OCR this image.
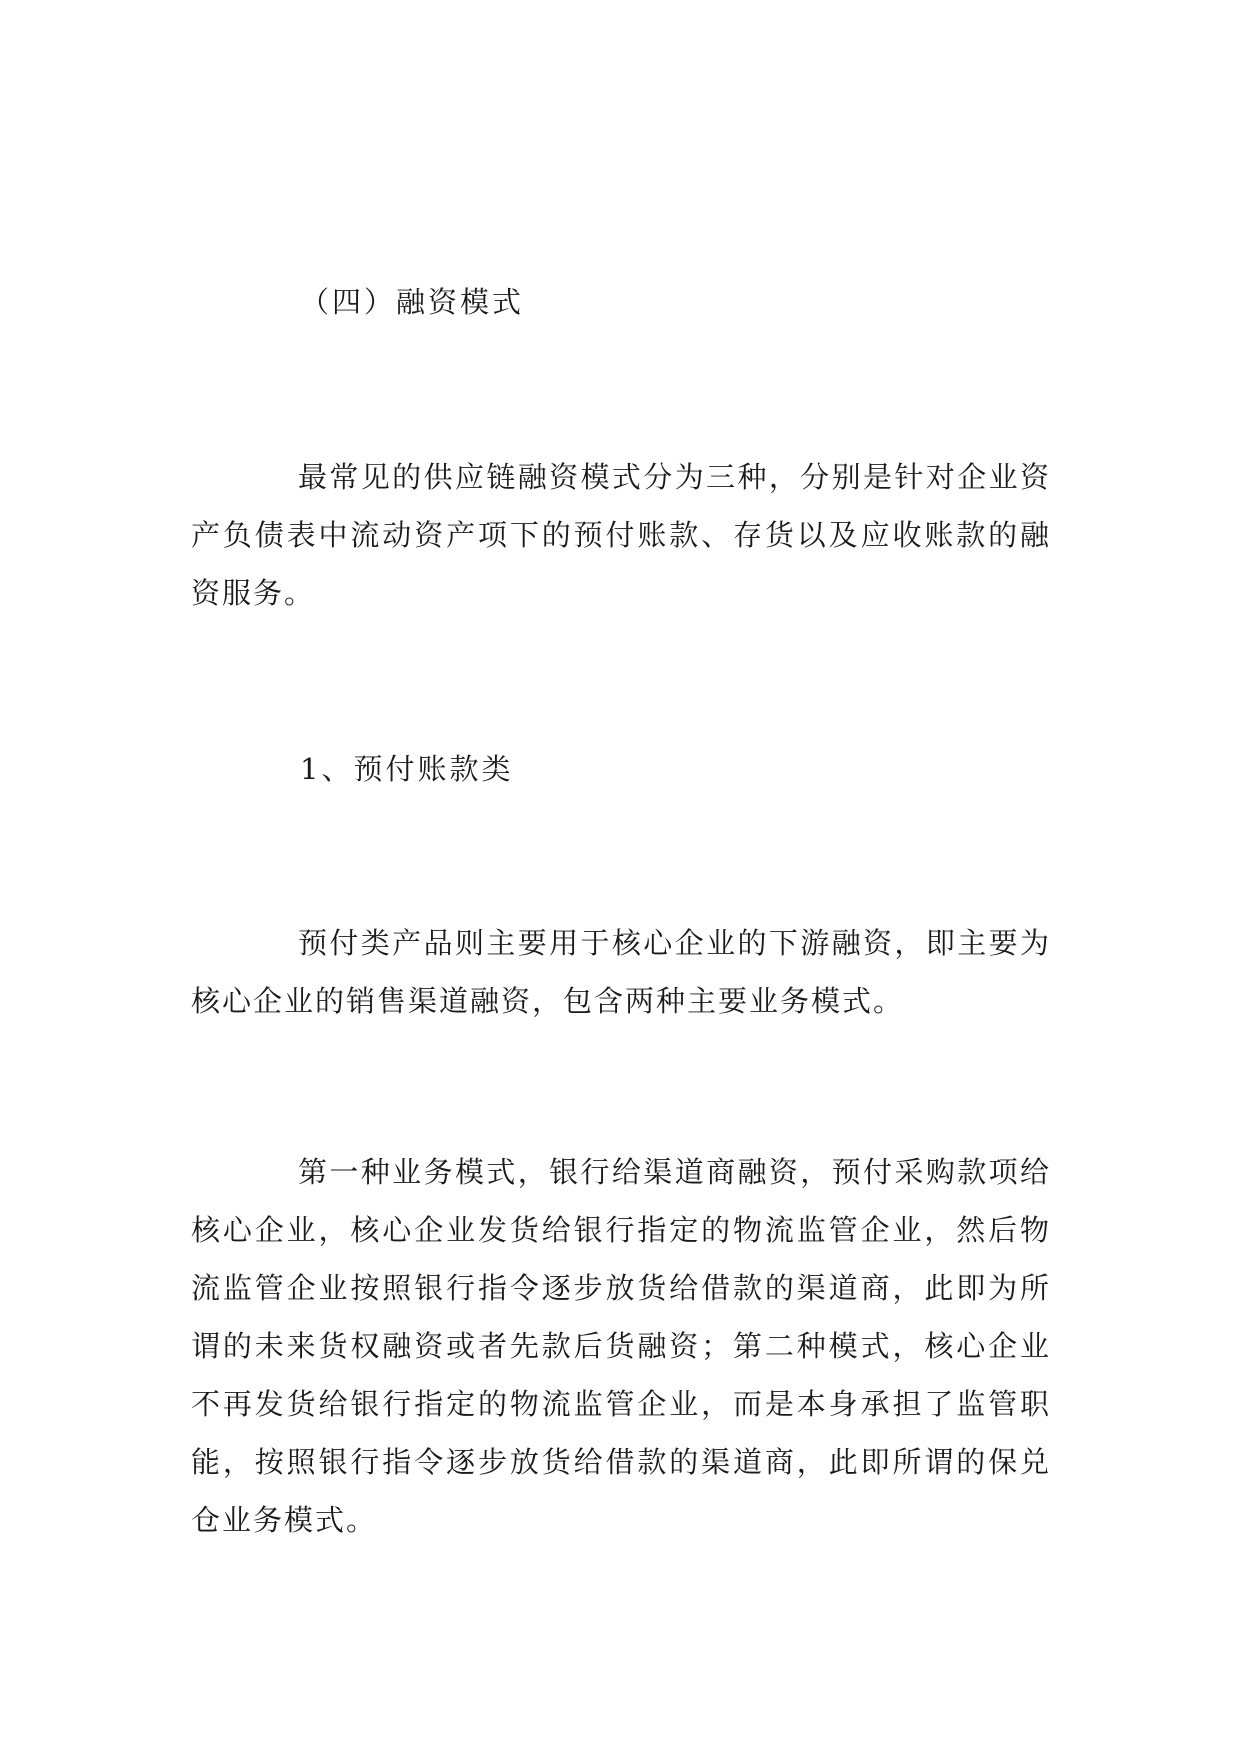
（四）融资模式

最常见的供应链融资模式分为三种，分别是针对企业资产负债表中流动资产项下的预付账款、存货以及应收账款的融资服务。

1、预付账款类

预付类产品则主要用于核心企业的下游融资，即主要为核心企业的销售渠道融资，包含两种主要业务模式。

第一种业务模式，银行给渠道商融资，预付采购款项给核心企业，核心企业发货给银行指定的物流监管企业，然后物流监管企业按照银行指令逐步放货给借款的渠道商，此即为所谓的未来货权融资或者先款后货融资；第二种模式，核心企业不再发货给银行指定的物流监管企业，而是本身承担了监管职能，按照银行指令逐步放货给借款的渠道商，此即所谓的保兑仓业务模式。
